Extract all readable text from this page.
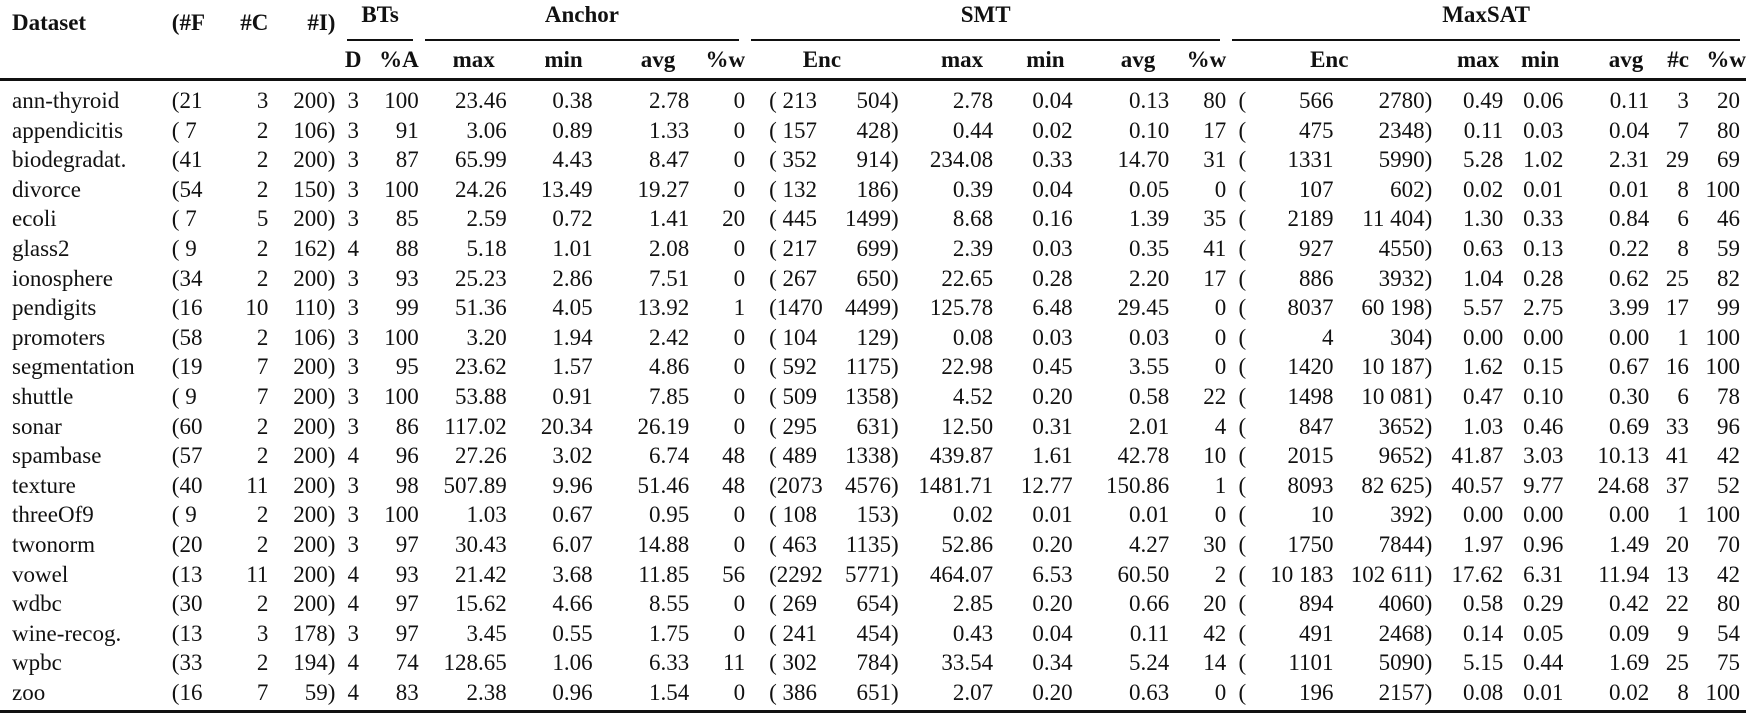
Dataset	(#F	#C	#I)	BTs		Anchor				SMT						MaxSAT							

				D	%A	max	min	avg	%w	Enc		max	min	avg	%w	Enc			max	min	avg	#c	%w
ann-thyroid	(21	3	200)	3	100	23.46	0.38	2.78	0	( 213	504)	2.78	0.04	0.13	80	(	566	2780)	0.49	0.06	0.11	3	20
appendicitis	( 7	2	106)	3	91	3.06	0.89	1.33	0	( 157	428)	0.44	0.02	0.10	17	(	475	2348)	0.11	0.03	0.04	7	80
biodegradat.	(41	2	200)	3	87	65.99	4.43	8.47	0	( 352	914)	234.08	0.33	14.70	31	(	1331	5990)	5.28	1.02	2.31	29	69
divorce	(54	2	150)	3	100	24.26	13.49	19.27	0	( 132	186)	0.39	0.04	0.05	0	(	107	602)	0.02	0.01	0.01	8	100
ecoli	( 7	5	200)	3	85	2.59	0.72	1.41	20	( 445	1499)	8.68	0.16	1.39	35	(	2189	11 404)	1.30	0.33	0.84	6	46
glass2	( 9	2	162)	4	88	5.18	1.01	2.08	0	( 217	699)	2.39	0.03	0.35	41	(	927	4550)	0.63	0.13	0.22	8	59
ionosphere	(34	2	200)	3	93	25.23	2.86	7.51	0	( 267	650)	22.65	0.28	2.20	17	(	886	3932)	1.04	0.28	0.62	25	82
pendigits	(16	10	110)	3	99	51.36	4.05	13.92	1	(1470	4499)	125.78	6.48	29.45	0	(	8037	60 198)	5.57	2.75	3.99	17	99
promoters	(58	2	106)	3	100	3.20	1.94	2.42	0	( 104	129)	0.08	0.03	0.03	0	(	4	304)	0.00	0.00	0.00	1	100
segmentation	(19	7	200)	3	95	23.62	1.57	4.86	0	( 592	1175)	22.98	0.45	3.55	0	(	1420	10 187)	1.62	0.15	0.67	16	100
shuttle	( 9	7	200)	3	100	53.88	0.91	7.85	0	( 509	1358)	4.52	0.20	0.58	22	(	1498	10 081)	0.47	0.10	0.30	6	78
sonar	(60	2	200)	3	86	117.02	20.34	26.19	0	( 295	631)	12.50	0.31	2.01	4	(	847	3652)	1.03	0.46	0.69	33	96
spambase	(57	2	200)	4	96	27.26	3.02	6.74	48	( 489	1338)	439.87	1.61	42.78	10	(	2015	9652)	41.87	3.03	10.13	41	42
texture	(40	11	200)	3	98	507.89	9.96	51.46	48	(2073	4576)	1481.71	12.77	150.86	1	(	8093	82 625)	40.57	9.77	24.68	37	52
threeOf9	( 9	2	200)	3	100	1.03	0.67	0.95	0	( 108	153)	0.02	0.01	0.01	0	(	10	392)	0.00	0.00	0.00	1	100
twonorm	(20	2	200)	3	97	30.43	6.07	14.88	0	( 463	1135)	52.86	0.20	4.27	30	(	1750	7844)	1.97	0.96	1.49	20	70
vowel	(13	11	200)	4	93	21.42	3.68	11.85	56	(2292	5771)	464.07	6.53	60.50	2	(	10 183	102 611)	17.62	6.31	11.94	13	42
wdbc	(30	2	200)	4	97	15.62	4.66	8.55	0	( 269	654)	2.85	0.20	0.66	20	(	894	4060)	0.58	0.29	0.42	22	80
wine-recog.	(13	3	178)	3	97	3.45	0.55	1.75	0	( 241	454)	0.43	0.04	0.11	42	(	491	2468)	0.14	0.05	0.09	9	54
wpbc	(33	2	194)	4	74	128.65	1.06	6.33	11	( 302	784)	33.54	0.34	5.24	14	(	1101	5090)	5.15	0.44	1.69	25	75
zoo	(16	7	59)	4	83	2.38	0.96	1.54	0	( 386	651)	2.07	0.20	0.63	0	(	196	2157)	0.08	0.01	0.02	8	100
